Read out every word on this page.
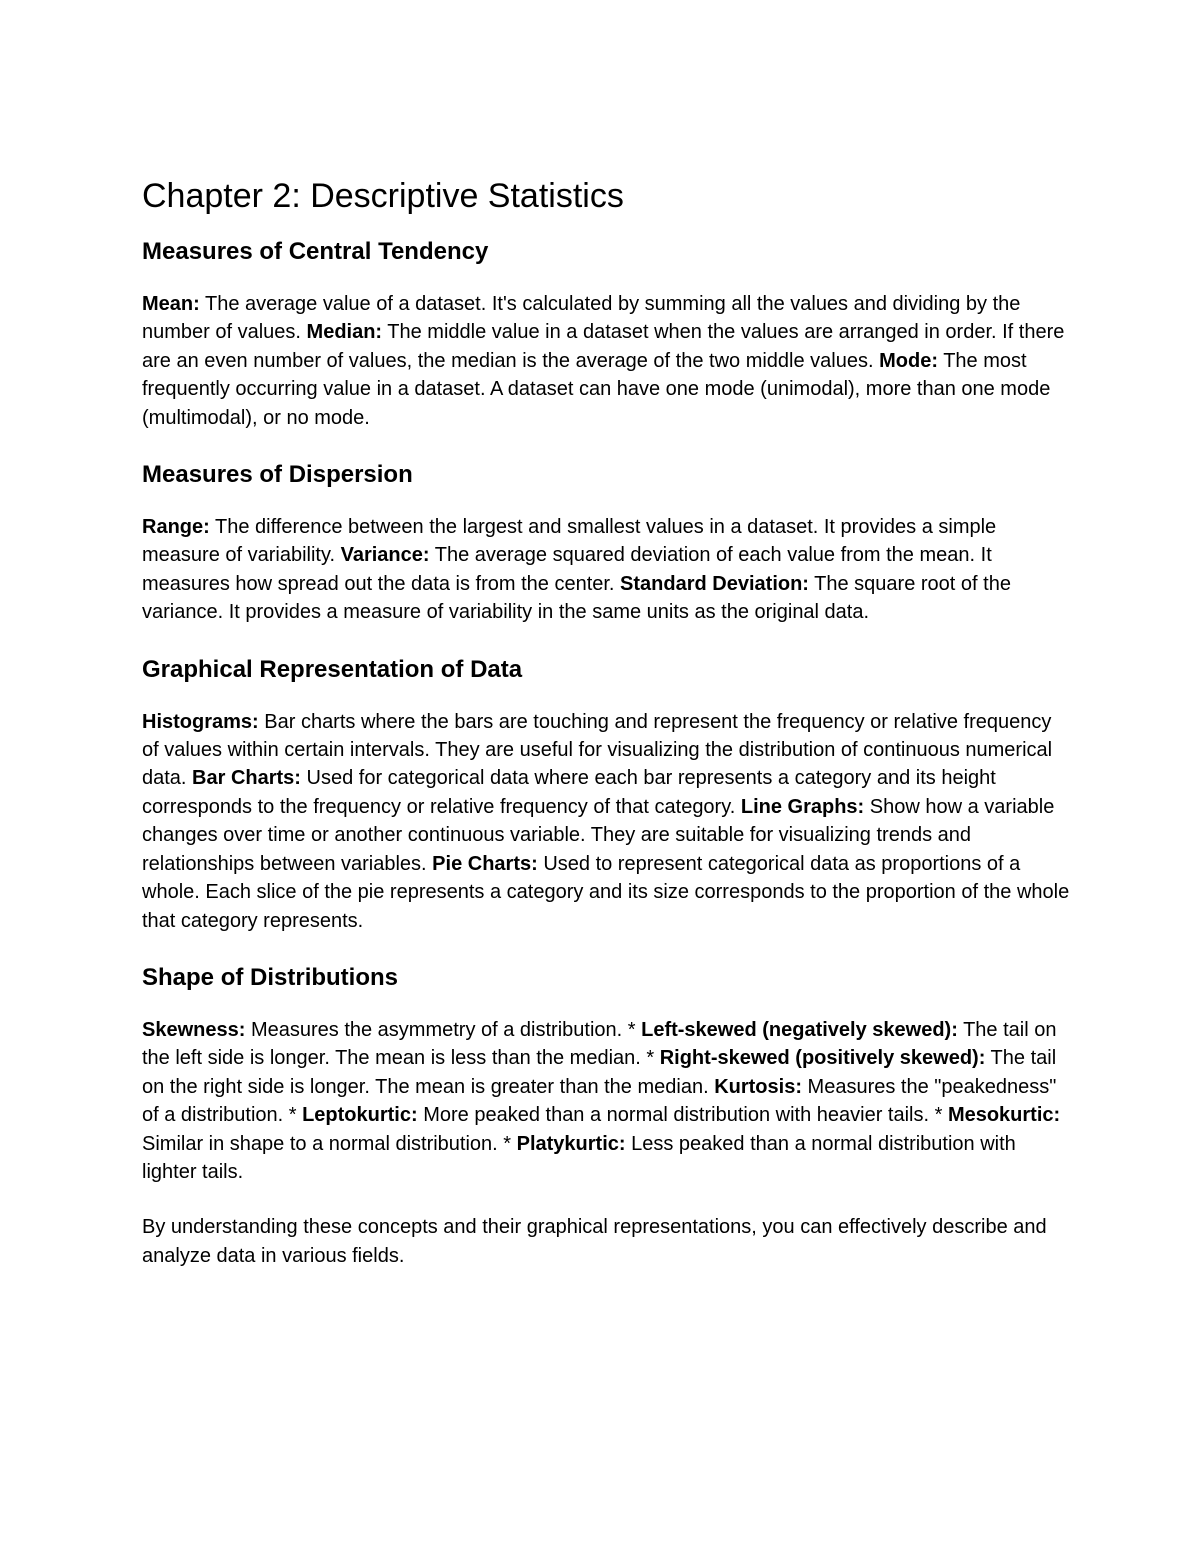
Chapter 2: Descriptive Statistics
Measures of Central Tendency

Mean: The average value of a dataset. It's calculated by summing all the values and dividing by the number of values. Median: The middle value in a dataset when the values are arranged in order. If there are an even number of values, the median is the average of the two middle values. Mode: The most frequently occurring value in a dataset. A dataset can have one mode (unimodal), more than one mode (multimodal), or no mode.

Measures of Dispersion

Range: The difference between the largest and smallest values in a dataset. It provides a simple measure of variability. Variance: The average squared deviation of each value from the mean. It measures how spread out the data is from the center. Standard Deviation: The square root of the variance. It provides a measure of variability in the same units as the original data.

Graphical Representation of Data

Histograms: Bar charts where the bars are touching and represent the frequency or relative frequency of values within certain intervals. They are useful for visualizing the distribution of continuous numerical data. Bar Charts: Used for categorical data where each bar represents a category and its height corresponds to the frequency or relative frequency of that category. Line Graphs: Show how a variable changes over time or another continuous variable. They are suitable for visualizing trends and relationships between variables. Pie Charts: Used to represent categorical data as proportions of a whole. Each slice of the pie represents a category and its size corresponds to the proportion of the whole that category represents.

Shape of Distributions

Skewness: Measures the asymmetry of a distribution. * Left-skewed (negatively skewed): The tail on the left side is longer. The mean is less than the median. * Right-skewed (positively skewed): The tail on the right side is longer. The mean is greater than the median. Kurtosis: Measures the "peakedness" of a distribution. * Leptokurtic: More peaked than a normal distribution with heavier tails. * Mesokurtic: Similar in shape to a normal distribution. * Platykurtic: Less peaked than a normal distribution with lighter tails.

By understanding these concepts and their graphical representations, you can effectively describe and analyze data in various fields.
